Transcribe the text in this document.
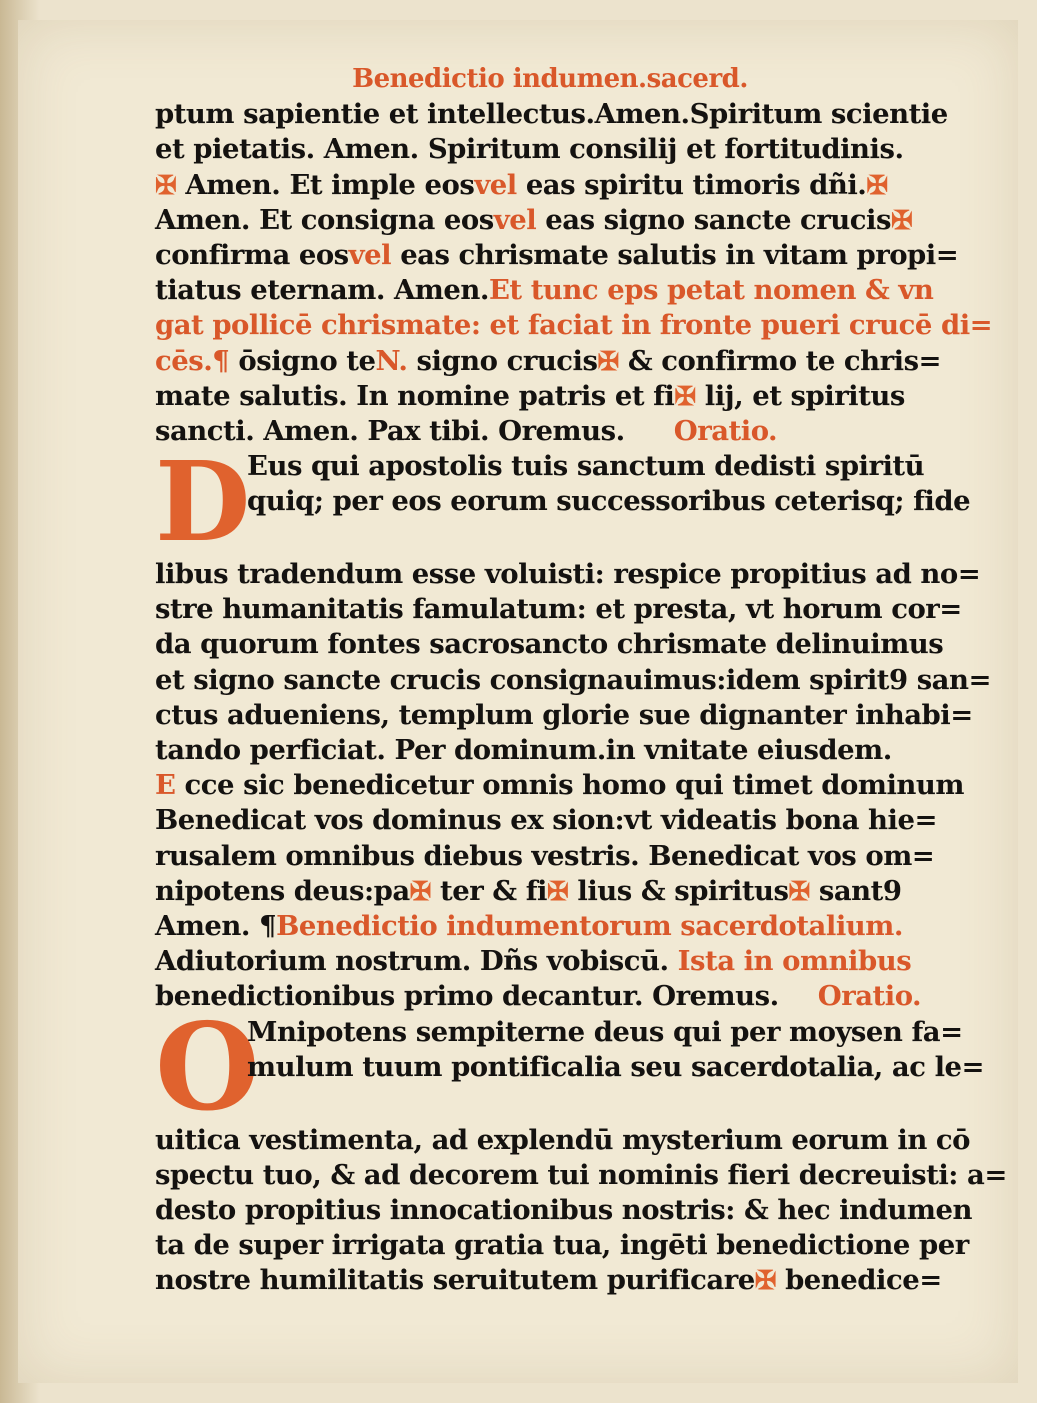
Benedictio indumen.sacerd.
ptum sapientie et intellectus.Amen.Spiritum scientie
et pietatis. Amen. Spiritum consilij et fortitudinis.
✠ Amen. Et imple eosvel eas spiritu timoris dñi.✠
Amen. Et consigna eosvel eas signo sancte crucis✠
confirma eosvel eas chrismate salutis in vitam propi=
tiatus eternam. Amen.Et tunc eps petat nomen & vn
gat pollicē chrismate: et faciat in fronte pueri crucē di=
cēs.¶ ōsigno teN. signo crucis✠ & confirmo te chris=
mate salutis. In nomine patris et fi✠ lij, et spiritus
sancti. Amen. Pax tibi. Oremus. Oratio.
D
Eus qui apostolis tuis sanctum dedisti spiritū
quiq; per eos eorum successoribus ceterisq; fide
libus tradendum esse voluisti: respice propitius ad no=
stre humanitatis famulatum: et presta, vt horum cor=
da quorum fontes sacrosancto chrismate delinuimus
et signo sancte crucis consignauimus:idem spirit9 san=
ctus adueniens, templum glorie sue dignanter inhabi=
tando perficiat. Per dominum.in vnitate eiusdem.
E cce sic benedicetur omnis homo qui timet dominum
Benedicat vos dominus ex sion:vt videatis bona hie=
rusalem omnibus diebus vestris. Benedicat vos om=
nipotens deus:pa✠ ter & fi✠ lius & spiritus✠ sant9
Amen. ¶Benedictio indumentorum sacerdotalium.
Adiutorium nostrum. Dñs vobiscū. Ista in omnibus
benedictionibus primo decantur. Oremus. Oratio.
O
Mnipotens sempiterne deus qui per moysen fa=
mulum tuum pontificalia seu sacerdotalia, ac le=
uitica vestimenta, ad explendū mysterium eorum in cō
spectu tuo, & ad decorem tui nominis fieri decreuisti: a=
desto propitius innocationibus nostris: & hec indumen
ta de super irrigata gratia tua, ingēti benedictione per
nostre humilitatis seruitutem purificare✠ benedice=
